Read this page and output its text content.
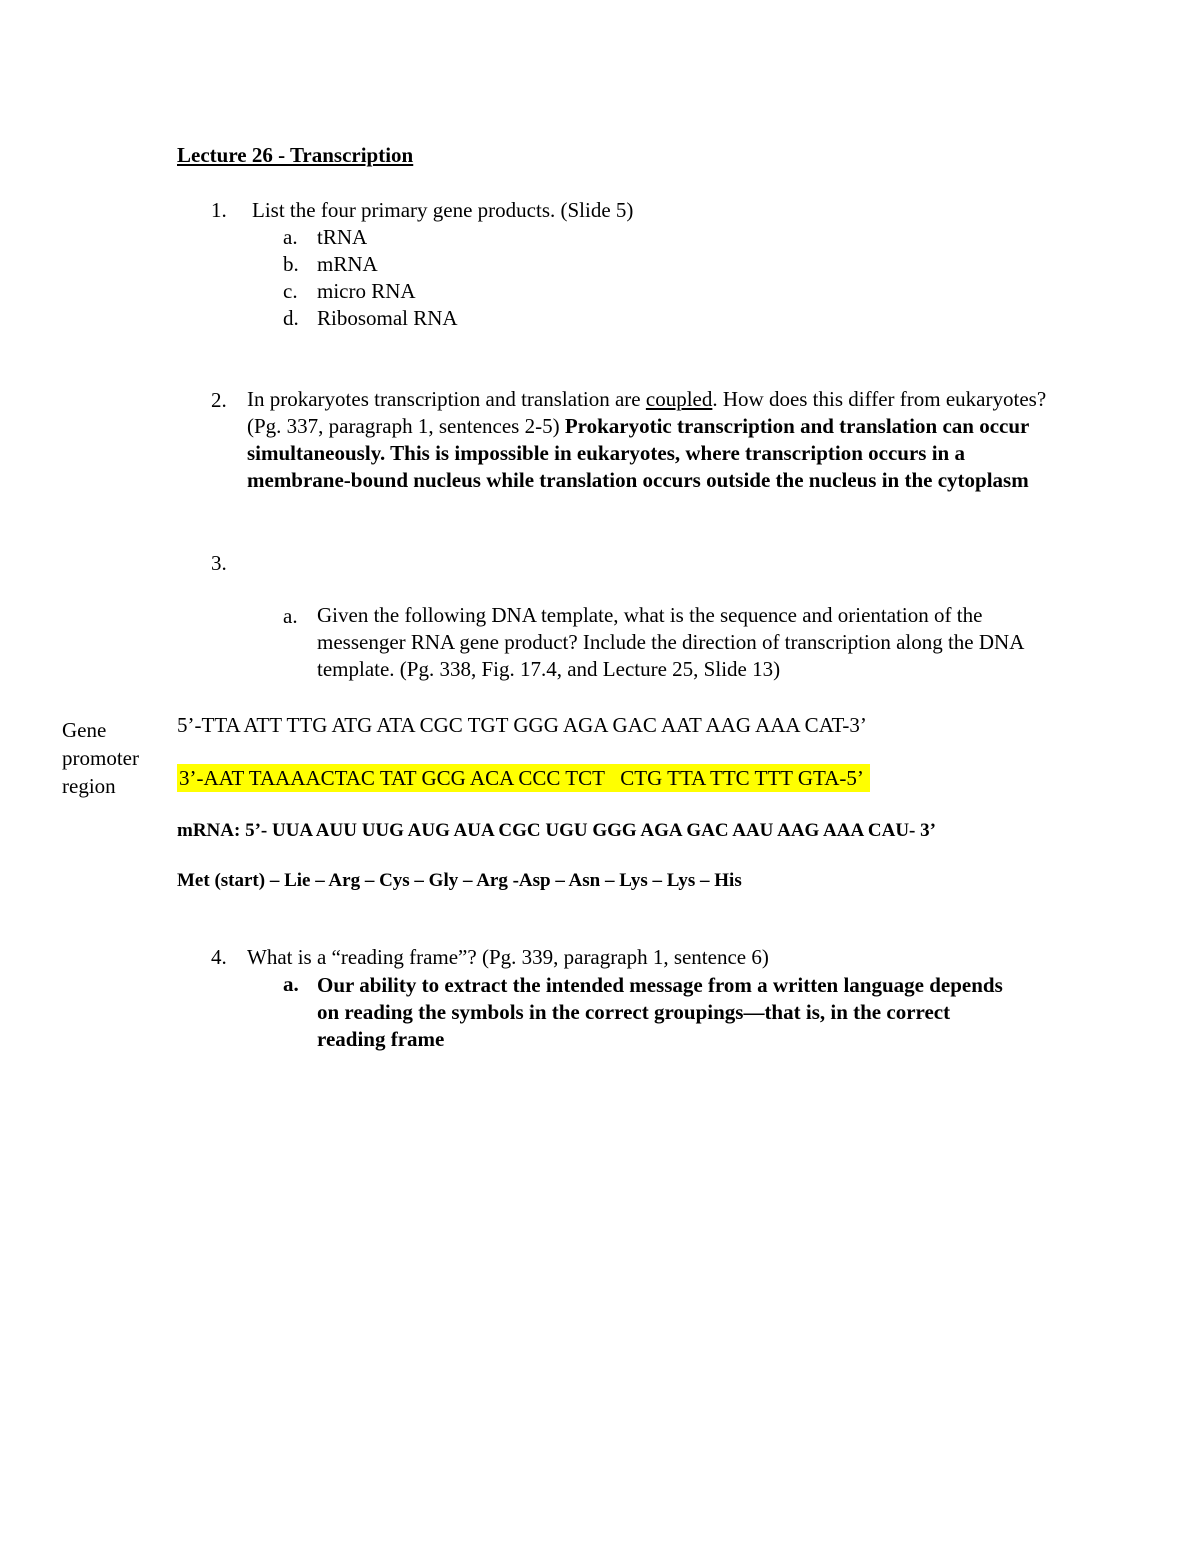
Lecture 26 - Transcription
1. List the four primary gene products. (Slide 5)
a. tRNA
b. mRNA
c. micro RNA
d. Ribosomal RNA
2. In prokaryotes transcription and translation are coupled. How does this differ from eukaryotes? (Pg. 337, paragraph 1, sentences 2-5) Prokaryotic transcription and translation can occur simultaneously. This is impossible in eukaryotes, where transcription occurs in a membrane-bound nucleus while translation occurs outside the nucleus in the cytoplasm
3.
a. Given the following DNA template, what is the sequence and orientation of the messenger RNA gene product? Include the direction of transcription along the DNA template. (Pg. 338, Fig. 17.4, and Lecture 25, Slide 13)
Gene
promoter
region
5’-TTA ATT TTG ATG ATA CGC TGT GGG AGA GAC AAT AAG AAA CAT-3’
3’-AAT TAAAACTAC TAT GCG ACA CCC TCT   CTG TTA TTC TTT GTA-5’
mRNA: 5’- UUA AUU UUG AUG AUA CGC UGU GGG AGA GAC AAU AAG AAA CAU- 3’
Met (start) – Lie – Arg – Cys – Gly – Arg -Asp – Asn – Lys – Lys – His
4. What is a “reading frame”? (Pg. 339, paragraph 1, sentence 6)
a. Our ability to extract the intended message from a written language depends on reading the symbols in the correct groupings—that is, in the correct reading frame
